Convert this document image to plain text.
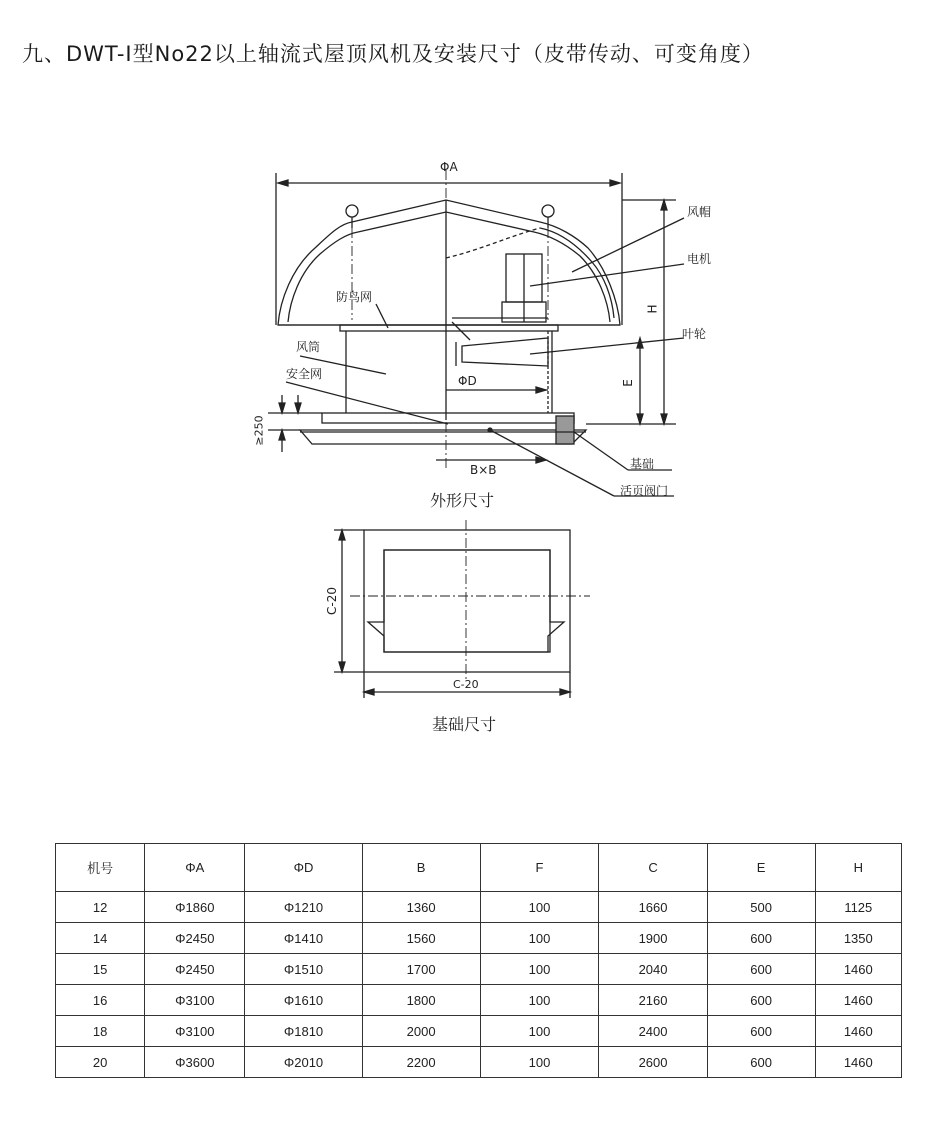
九、DWT-I型No22以上轴流式屋顶风机及安装尺寸（皮带传动、可变角度）
ΦA
风帽
电机
防鸟网
H
叶轮
风筒
安全网	ΦD	E
≥250
基础
B×B
活页阀门
外形尺寸
C-20
C-20
基础尺寸
机号	ΦA	ΦD	B	F	C	E	H
12	Φ1860	Φ1210	1360	100	1660	500	1125
14	Φ2450	Φ1410	1560	100	1900	600	1350
15	Φ2450	Φ1510	1700	100	2040	600	1460
16	Φ3100	Φ1610	1800	100	2160	600	1460
18	Φ3100	Φ1810	2000	100	2400	600	1460
20	Φ3600	Φ2010	2200	100	2600	600	1460
